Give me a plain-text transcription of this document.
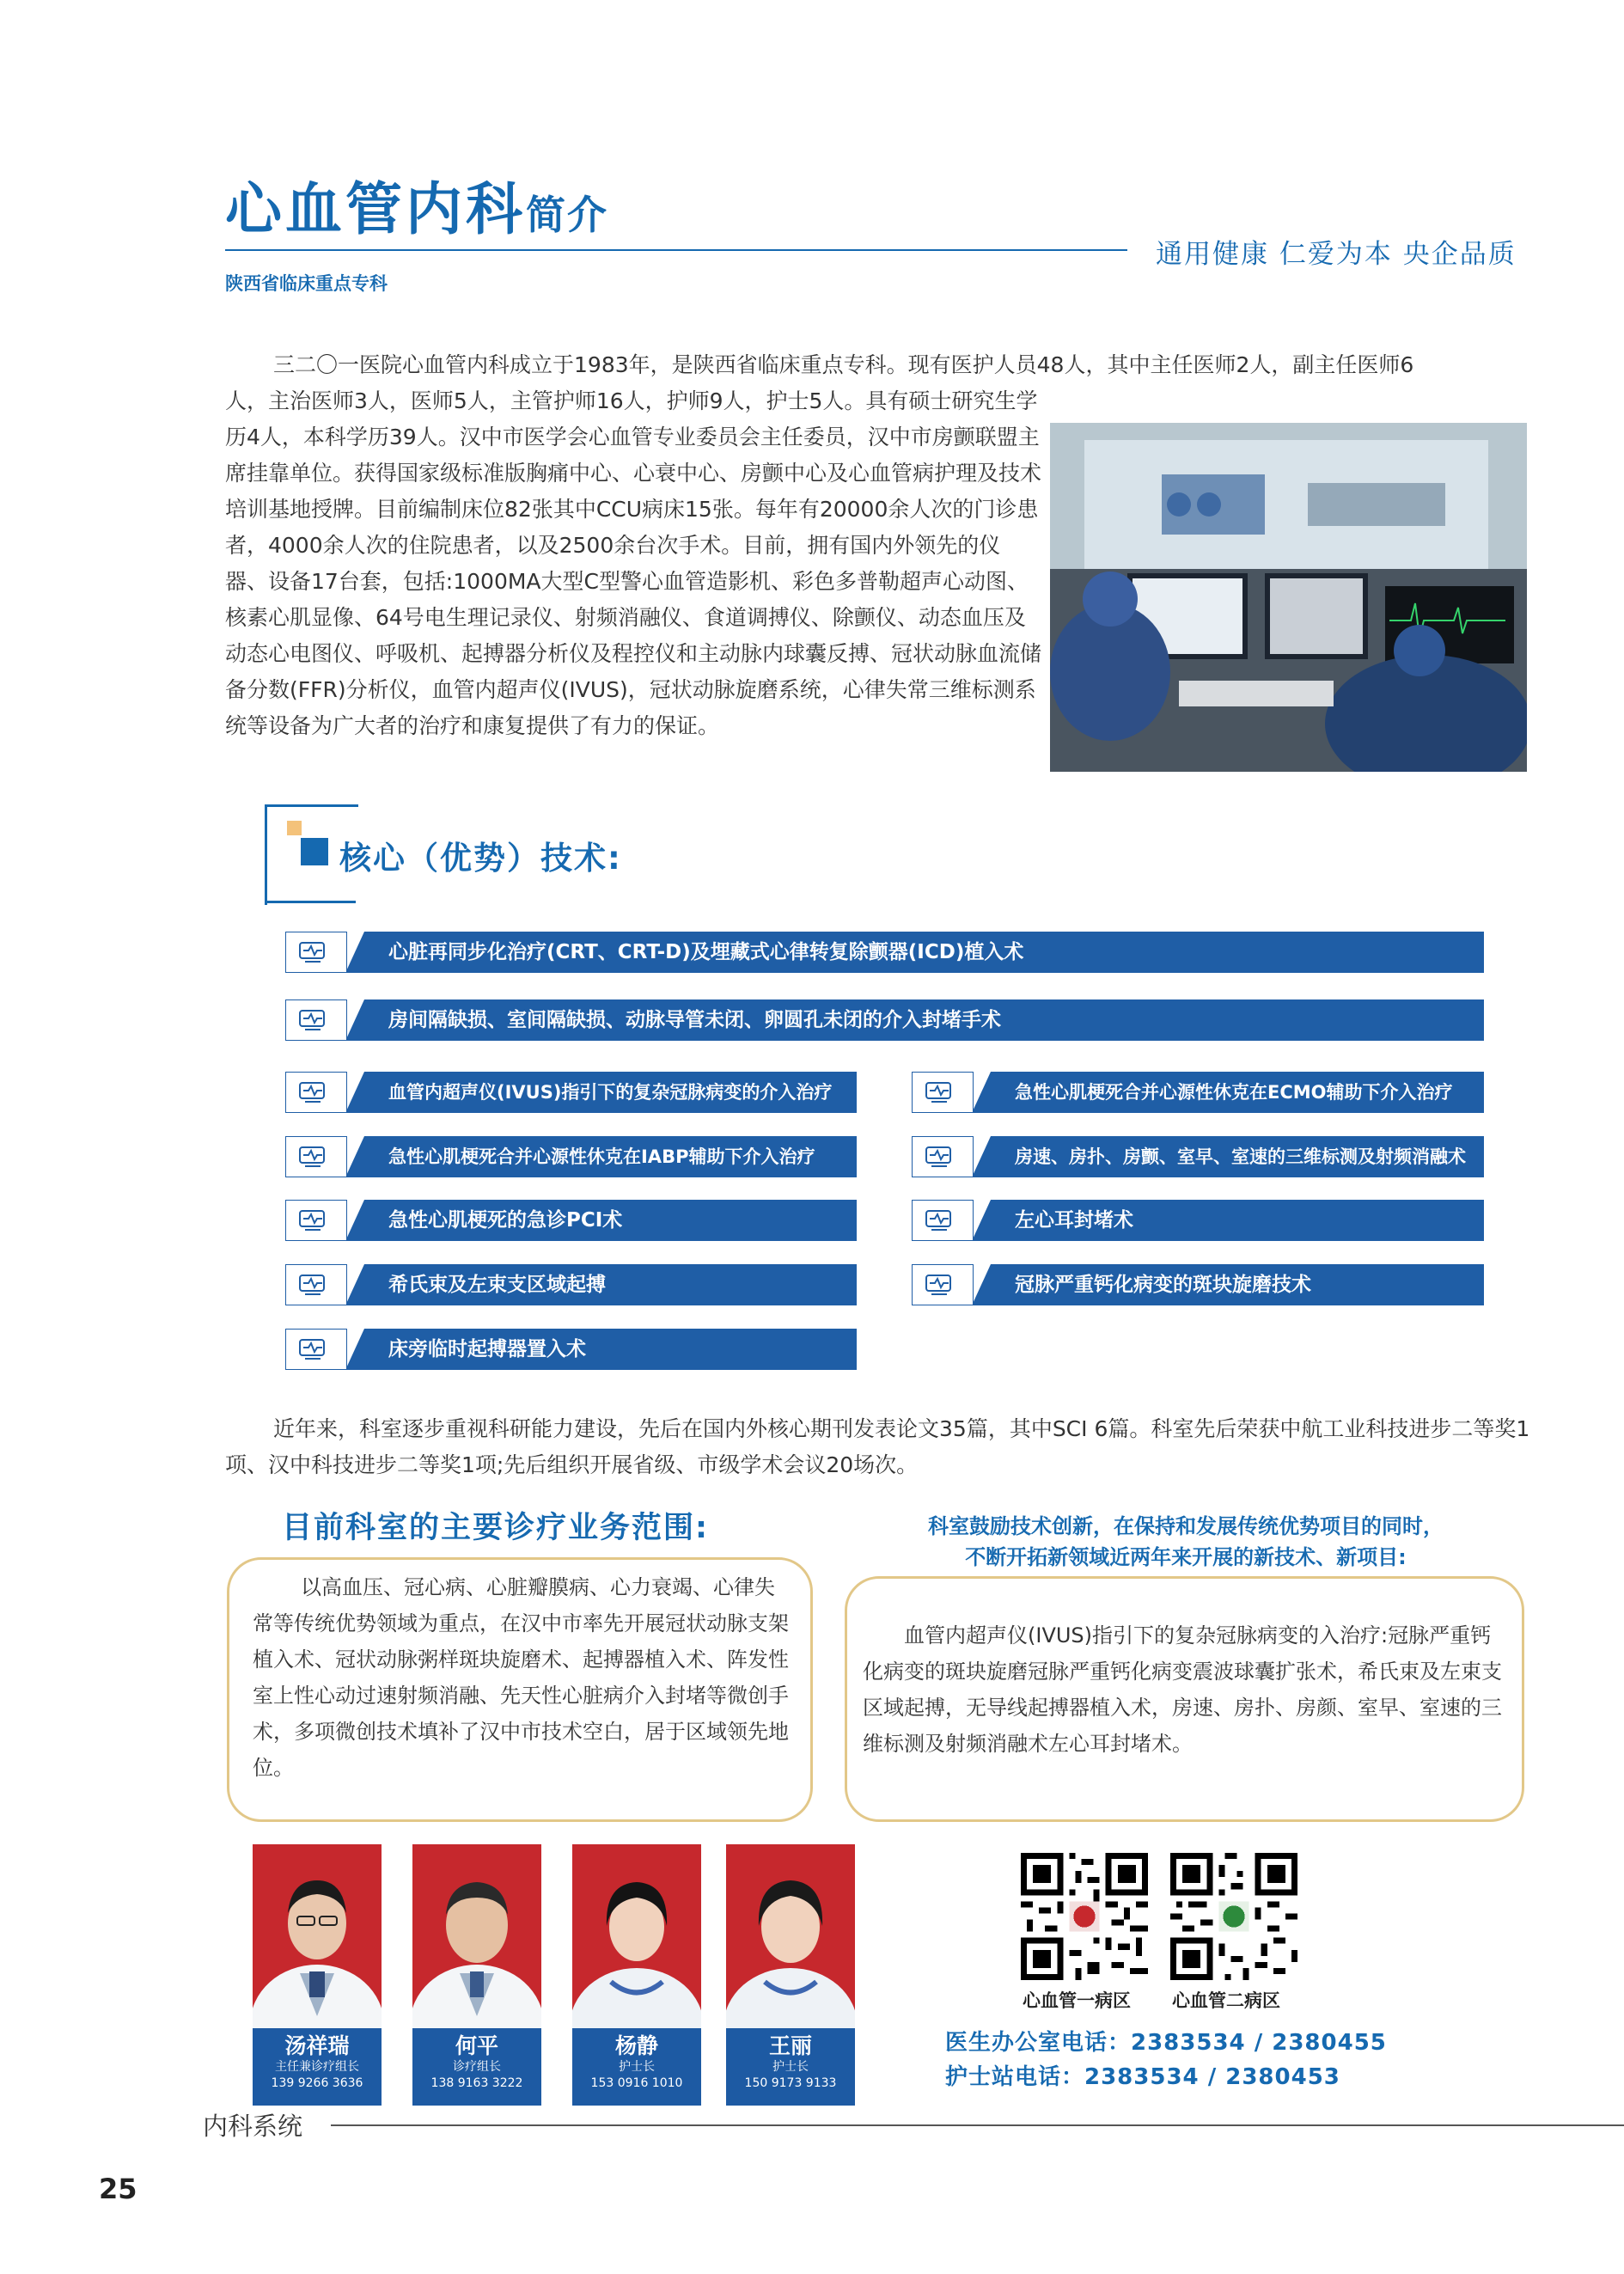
心血管内科简介
通用健康 仁爱为本 央企品质
陕西省临床重点专科
三二〇一医院心血管内科成立于1983年，是陕西省临床重点专科。现有医护人员48人，其中主任医师2人，副主任医师6
人，主治医师3人，医师5人，主管护师16人，护师9人，护士5人。具有硕士研究生学历4人，本科学历39人。汉中市医学会心血管专业委员会主任委员，汉中市房颤联盟主席挂靠单位。获得国家级标准版胸痛中心、心衰中心、房颤中心及心血管病护理及技术培训基地授牌。目前编制床位82张其中CCU病床15张。每年有20000余人次的门诊患者，4000余人次的住院患者，以及2500余台次手术。目前，拥有国内外领先的仪器、设备17台套，包括:1000MA大型C型警心血管造影机、彩色多普勒超声心动图、核素心肌显像、64号电生理记录仪、射频消融仪、食道调搏仪、除颤仪、动态血压及动态心电图仪、呼吸机、起搏器分析仪及程控仪和主动脉内球囊反搏、冠状动脉血流储备分数(FFR)分析仪，血管内超声仪(IVUS)，冠状动脉旋磨系统，心律失常三维标测系统等设备为广大者的治疗和康复提供了有力的保证。
核心（优势）技术:
心脏再同步化治疗(CRT、CRT-D)及埋藏式心律转复除颤器(ICD)植入术
房间隔缺损、室间隔缺损、动脉导管未闭、卵圆孔未闭的介入封堵手术
血管内超声仪(IVUS)指引下的复杂冠脉病变的介入治疗
急性心肌梗死合并心源性休克在IABP辅助下介入治疗
急性心肌梗死的急诊PCI术
希氏束及左束支区域起搏
床旁临时起搏器置入术
急性心肌梗死合并心源性休克在ECMO辅助下介入治疗
房速、房扑、房颤、室早、室速的三维标测及射频消融术
左心耳封堵术
冠脉严重钙化病变的斑块旋磨技术
近年来，科室逐步重视科研能力建设，先后在国内外核心期刊发表论文35篇，其中SCI 6篇。科室先后荣获中航工业科技进步二等奖1项、汉中科技进步二等奖1项;先后组织开展省级、市级学术会议20场次。
目前科室的主要诊疗业务范围:	科室鼓励技术创新，在保持和发展传统优势项目的同时，
不断开拓新领域近两年来开展的新技术、新项目:
以高血压、冠心病、心脏瓣膜病、心力衰竭、心律失常等传统优势领域为重点，在汉中市率先开展冠状动脉支架植入术、冠状动脉粥样斑块旋磨术、起搏器植入术、阵发性室上性心动过速射频消融、先天性心脏病介入封堵等微创手术，多项微创技术填补了汉中市技术空白，居于区域领先地位。
血管内超声仪(IVUS)指引下的复杂冠脉病变的入治疗:冠脉严重钙化病变的斑块旋磨冠脉严重钙化病变震波球囊扩张术，希氏束及左束支区域起搏，无导线起搏器植入术，房速、房扑、房颜、室早、室速的三维标测及射频消融术左心耳封堵术。
汤祥瑞
主任兼诊疗组长
139 9266 3636
何平
诊疗组长
138 9163 3222
杨静
护士长
153 0916 1010
王丽
护士长
150 9173 9133
心血管一病区 心血管二病区
医生办公室电话：2383534 / 2380455
护士站电话：2383534 / 2380453
内科系统
25
